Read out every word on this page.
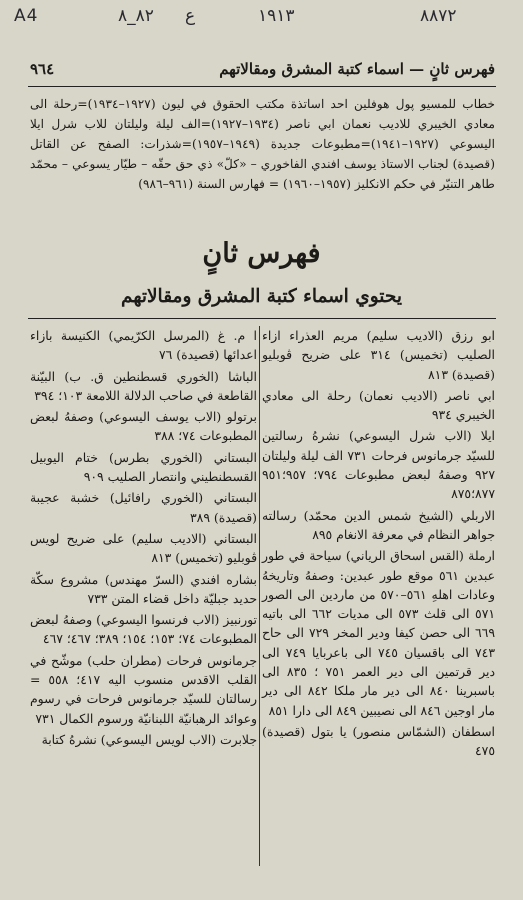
A4	٨٢_٨ ع	١٩١٣	٨٨٧٢
فهرس ثانٍ — اسماء كتبة المشرق ومقالاتهم
٩٦٤
خطاب للمسيو پول هوفلين احد اساتذة مكتب الحقوق في ليون (١٩٢٧–١٩٣٤)=رحلة الى معادي الخيبري للاديب نعمان ابي ناصر (١٩٣٤–١٩٢٧)=الف ليلة وليلتان للاب شرل ايلا اليسوعي (١٩٢٧–١٩٤١)=مطبوعات جديدة (١٩٤٩–١٩٥٧)=شذرات: الصفح عن القاتل (قصيدة) لجناب الاستاذ يوسف افندي الفاخوري – «كلّ» ذي حق حقّه – طيّار يسوعي – محمّد طاهر التنيّر في حكم الانكليز (١٩٥٧–١٩٦٠) = فهارس السنة (٩٦١–٩٨٦)
فهرس ثانٍ
يحتوي اسماء كتبة المشرق ومقالاتهم

ابو رزق (الاديب سليم) مريم العذراء ازاء الصليب (تخميس) ٣١٤ على ضريح ڤوبليو (قصيدة) ٨١٣

ابي ناصر (الاديب نعمان) رحلة الى معادي الخيبري ٩٣٤

ايلا (الاب شرل اليسوعي) نشرهُ رسالتين للسيّد جرمانوس فرحات ٧٣١ الف ليلة وليلتان ٩٢٧ وصفهُ لبعض مطبوعات ٧٩٤؛ ٩٥٧؛٩٥١ ٨٧٧؛٨٧٥

الاربلي (الشيخ شمس الدين محمّد) رسالته جواهر النظام في معرفة الانغام ٨٩٥

ارملة (القس اسحاق الرياني) سياحة في طور عبدين ٥٦١ موقع طور عبدين: وصفهُ وتاريخهُ وعادات اهلهِ ٥٦١–٥٧٠ من ماردين الى الصور ٥٧١ الى قلث ٥٧٣ الى مديات ٦٦٢ الى باتيه ٦٦٩ الى حصن كيفا ودير المخر ٧٢٩ الى حاح ٧٤٣ الى باقسيان ٧٤٥ الى باعربايا ٧٤٩ الى دير قرتمين الى دير العمر ٧٥١ ؛ ٨٣٥ الى باسبرينا ٨٤٠ الى دير مار ملكا ٨٤٢ الى دير مار اوجين ٨٤٦ الى نصيبين ٨٤٩ الى دارا ٨٥١

اسطفان (الشمّاس منصور) يا بتول (قصيدة) ٤٧٥

ا م. غ (المرسل الكرّيمي) الكنيسة بازاء اعدائها (قصيدة) ٧٦

الباشا (الخوري قسطنطين ق. ب) البيّنة القاطعة في صاحب الدلالة اللامعة ١٠٣؛ ٣٩٤

برتولو (الاب يوسف اليسوعي) وصفهُ لبعض المطبوعات ٧٤؛ ٣٨٨

البستاني (الخوري بطرس) ختام اليوبيل القسطنطيني وانتصار الصليب ٩٠٩

البستاني (الخوري رافائيل) خشبة عجيبة (قصيدة) ٣٨٩

البستاني (الاديب سليم) على ضريح لويس ڤوبليو (تخميس) ٨١٣

بشاره افندي (السرّ مهندس) مشروع سكّة حديد جبليّة داخل قضاء المتن ٧٣٣

تورنبيز (الاب فرنسوا اليسوعي) وصفهُ لبعض المطبوعات ٧٤؛ ١٥٣؛ ١٥٤؛ ٣٨٩؛ ٤٦٧؛ ٤٦٧

جرمانوس فرحات (مطران حلب) موشّح في القلب الاقدس منسوب اليه ٤١٧؛ ٥٥٨ = رسالتان للسيّد جرمانوس فرحات في رسوم وعوائد الرهبانيّة اللبنانيّة ورسوم الكمال ٧٣١

جلابرت (الاب لويس اليسوعي) نشرهُ كتابة
